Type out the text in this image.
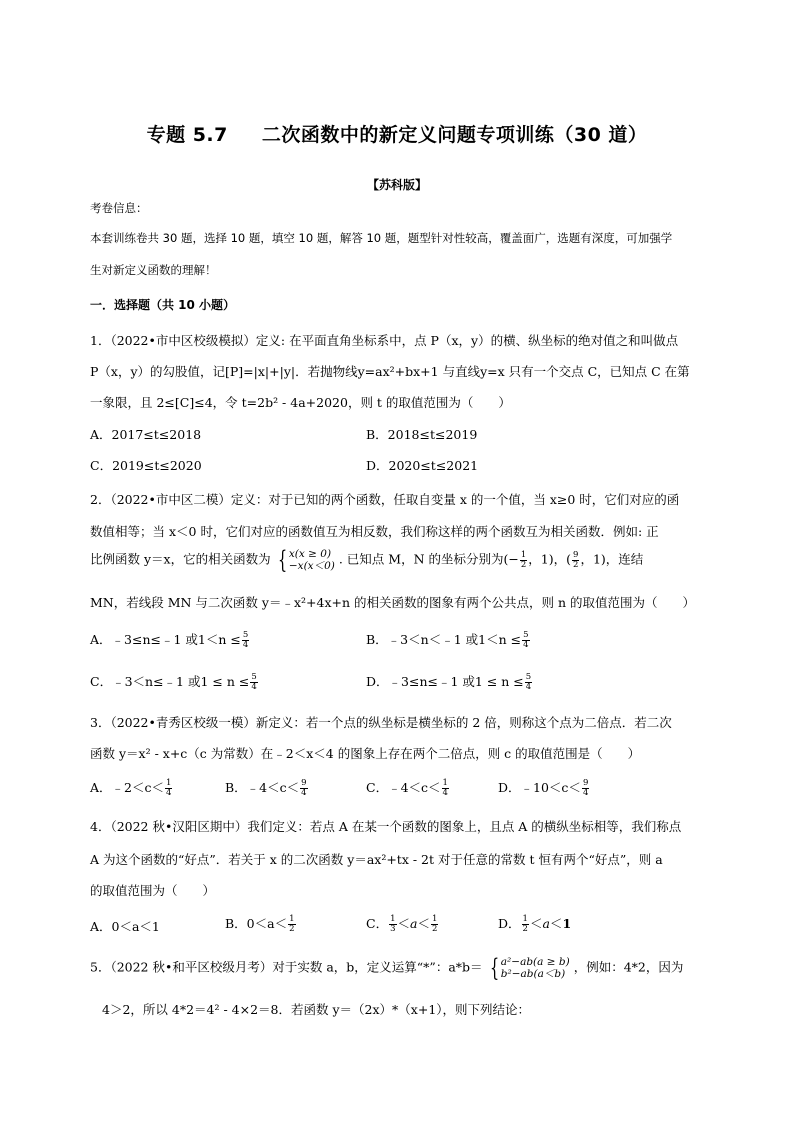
专题 5.7 二次函数中的新定义问题专项训练（30 道）
【苏科版】
考卷信息：
本套训练卷共 30 题，选择 10 题，填空 10 题，解答 10 题，题型针对性较高，覆盖面广，选题有深度，可加强学
生对新定义函数的理解！
一．选择题（共 10 小题）
1．（2022•市中区校级模拟）定义: 在平面直角坐标系中，点 P（x，y）的横、纵坐标的绝对值之和叫做点
P（x，y）的勾股值，记[P]=|x|+|y|．若抛物线y=ax²+bx+1 与直线y=x 只有一个交点 C，已知点 C 在第
一象限，且 2≤[C]≤4，令 t=2b² - 4a+2020，则 t 的取值范围为（　　）
A．2017≤t≤2018	B．2018≤t≤2019
C．2019≤t≤2020	D．2020≤t≤2021
2．（2022•市中区二模）定义：对于已知的两个函数，任取自变量 x 的一个值，当 x≥0 时，它们对应的函
数值相等；当 x＜0 时，它们对应的函数值互为相反数，我们称这样的两个函数互为相关函数．例如: 正
比例函数 y＝x，它的相关函数为 { x(x ≥ 0)
−x(x＜0) . 已知点 M，N 的坐标分别为(− $\frac{1}{2}$ ，1)，( $\frac{9}{2}$ ，1)，连结
MN，若线段 MN 与二次函数 y＝﹣x²+4x+n 的相关函数的图象有两个公共点，则 n 的取值范围为（　　）
A．﹣3≤n≤﹣1 或$1<n \le \frac{5}{4}$	B．﹣3＜n＜﹣1 或$1<n \le \frac{5}{4}$
C．﹣3＜n≤﹣1 或$1 \le n \le \frac{5}{4}$	D．﹣3≤n≤﹣1 或$1 \le n \le \frac{5}{4}$
3．（2022•青秀区校级一模）新定义：若一个点的纵坐标是横坐标的 2 倍，则称这个点为二倍点．若二次
函数 y＝x² - x+c（c 为常数）在﹣2＜x＜4 的图象上存在两个二倍点，则 c 的取值范围是（　　）
A．﹣2＜c＜ $\frac{1}{4}$	B．﹣4＜c＜ $\frac{9}{4}$	C．﹣4＜c＜ $\frac{1}{4}$	D．﹣10＜c＜ $\frac{9}{4}$
4．（2022 秋•汉阳区期中）我们定义：若点 A 在某一个函数的图象上，且点 A 的横纵坐标相等，我们称点
A 为这个函数的“好点”．若关于 x 的二次函数 y＝ax²+tx - 2t 对于任意的常数 t 恒有两个“好点”，则 a
的取值范围为（　　）
A．0＜a＜1	B．$0<a< \frac{1}{2}$	C． $\frac{1}{3} <a< \frac{1}{2}$	D． $\frac{1}{2} <a<1$
5．（2022 秋•和平区校级月考）对于实数 a，b，定义运算“*”：a*b＝ { a²−ab(a ≥ b)
b²−ab(a＜b) ，例如：4*2，因为
4＞2，所以 4*2＝4² - 4×2＝8．若函数 y＝（2x）*（x+1），则下列结论：
